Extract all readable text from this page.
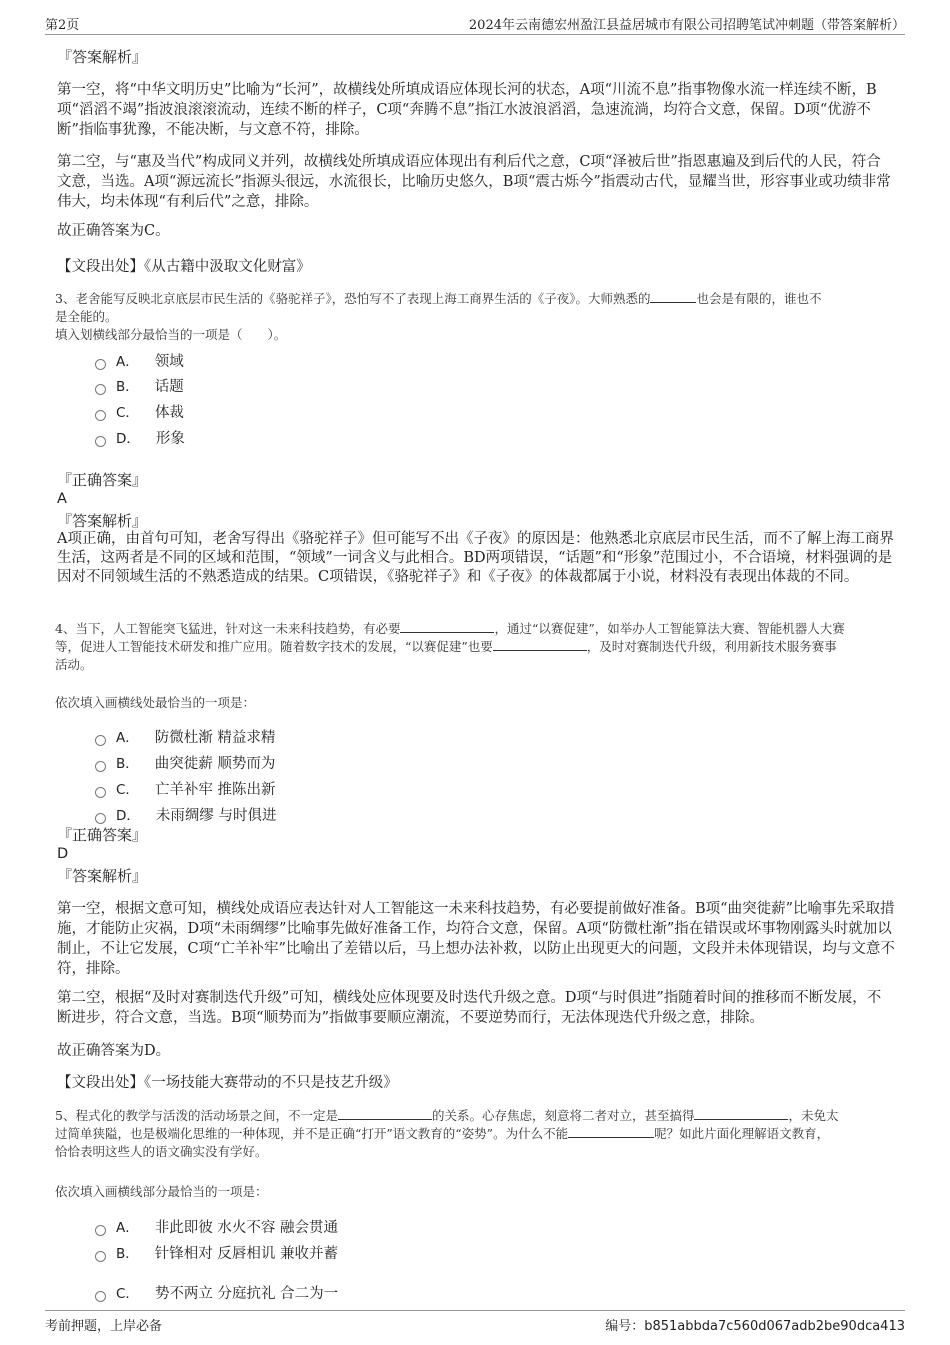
第2页	2024年云南德宏州盈江县益居城市有限公司招聘笔试冲刺题（带答案解析）
『答案解析』
第一空，将“中华文明历史”比喻为“长河”，故横线处所填成语应体现长河的状态，A项“川流不息”指事物像水流一样连续不断，B项“滔滔不竭”指波浪滚滚流动，连续不断的样子，C项“奔腾不息”指江水波浪滔滔，急速流淌，均符合文意，保留。D项“优游不断”指临事犹豫，不能决断，与文意不符，排除。
第二空，与“惠及当代”构成同义并列，故横线处所填成语应体现出有利后代之意，C项“泽被后世”指恩惠遍及到后代的人民，符合文意，当选。A项“源远流长”指源头很远，水流很长，比喻历史悠久，B项“震古烁今”指震动古代，显耀当世，形容事业或功绩非常伟大，均未体现“有利后代”之意，排除。
故正确答案为C。
【文段出处】《从古籍中汲取文化财富》
3、老舍能写反映北京底层市民生活的《骆驼祥子》，恐怕写不了表现上海工商界生活的《子夜》。大师熟悉的	也会是有限的，谁也不
是全能的。
填入划横线部分最恰当的一项是（　　）。
A． 领域
B． 话题
C． 体裁
D． 形象
『正确答案』
A
『答案解析』
A项正确，由首句可知，老舍写得出《骆驼祥子》但可能写不出《子夜》的原因是：他熟悉北京底层市民生活，而不了解上海工商界生活，这两者是不同的区域和范围，“领域”一词含义与此相合。BD两项错误，“话题”和“形象”范围过小，不合语境，材料强调的是因对不同领域生活的不熟悉造成的结果。C项错误，《骆驼祥子》和《子夜》的体裁都属于小说，材料没有表现出体裁的不同。
4、当下，人工智能突飞猛进，针对这一未来科技趋势，有必要	，通过“以赛促建”，如举办人工智能算法大赛、智能机器人大赛
等，促进人工智能技术研发和推广应用。随着数字技术的发展，“以赛促建”也要	，及时对赛制迭代升级，利用新技术服务赛事
活动。
依次填入画横线处最恰当的一项是：
A． 防微杜渐 精益求精
B． 曲突徙薪 顺势而为
C． 亡羊补牢 推陈出新
D． 未雨绸缪 与时俱进
『正确答案』
D
『答案解析』
第一空，根据文意可知，横线处成语应表达针对人工智能这一未来科技趋势，有必要提前做好准备。B项“曲突徙薪”比喻事先采取措施，才能防止灾祸，D项“未雨绸缪”比喻事先做好准备工作，均符合文意，保留。A项“防微杜渐”指在错误或坏事物刚露头时就加以制止，不让它发展，C项“亡羊补牢”比喻出了差错以后，马上想办法补救，以防止出现更大的问题，文段并未体现错误，均与文意不符，排除。
第二空，根据“及时对赛制迭代升级”可知，横线处应体现要及时迭代升级之意。D项“与时俱进”指随着时间的推移而不断发展，不断进步，符合文意，当选。B项“顺势而为”指做事要顺应潮流，不要逆势而行，无法体现迭代升级之意，排除。
故正确答案为D。
【文段出处】《一场技能大赛带动的不只是技艺升级》
5、程式化的教学与活泼的活动场景之间，不一定是	的关系。心存焦虑，刻意将二者对立，甚至搞得	，未免太
过简单狭隘，也是极端化思维的一种体现，并不是正确“打开”语文教育的“姿势”。为什么不能	呢？如此片面化理解语文教育，
恰恰表明这些人的语文确实没有学好。
依次填入画横线部分最恰当的一项是：
A． 非此即彼 水火不容 融会贯通
B． 针锋相对 反唇相讥 兼收并蓄
C． 势不两立 分庭抗礼 合二为一
考前押题，上岸必备	编号：b851abbda7c560d067adb2be90dca413
